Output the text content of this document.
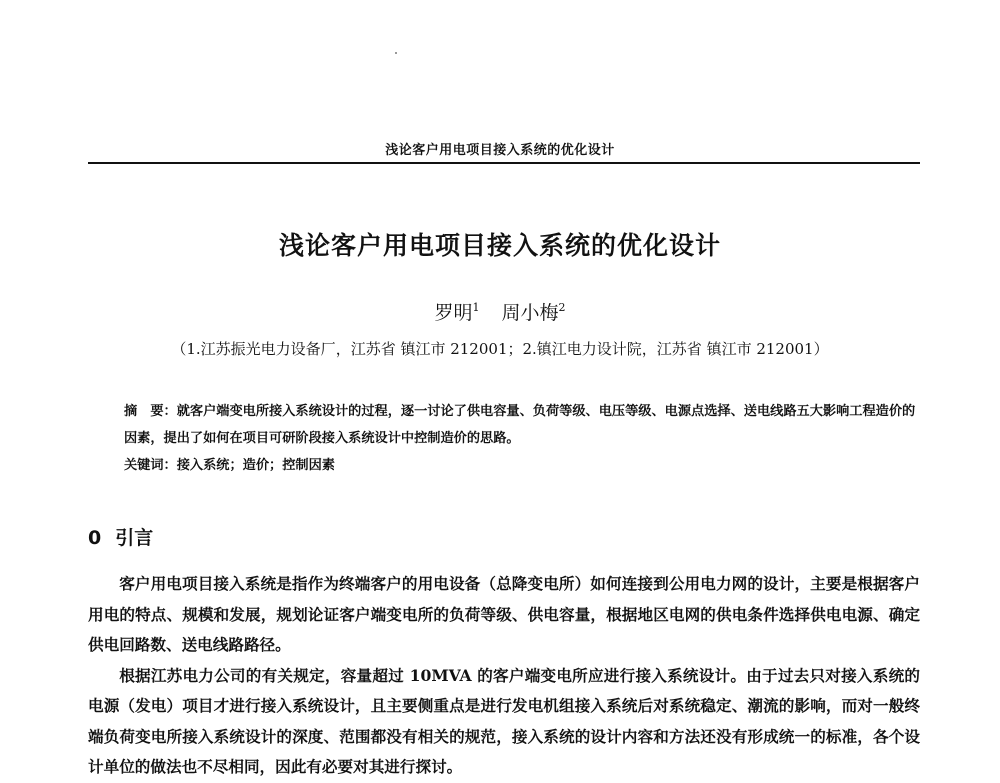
浅论客户用电项目接入系统的优化设计
浅论客户用电项目接入系统的优化设计
罗明$^1$ 周小梅$^2$
（1.江苏振光电力设备厂，江苏省 镇江市 212001；2.镇江电力设计院，江苏省 镇江市 212001）

摘　要：就客户端变电所接入系统设计的过程，逐一讨论了供电容量、负荷等级、电压等级、电源点选择、送电线路五大影响工程造价的因素，提出了如何在项目可研阶段接入系统设计中控制造价的思路。

关键词：接入系统；造价；控制因素

0 引言

客户用电项目接入系统是指作为终端客户的用电设备（总降变电所）如何连接到公用电力网的设计，主要是根据客户用电的特点、规模和发展，规划论证客户端变电所的负荷等级、供电容量，根据地区电网的供电条件选择供电电源、确定供电回路数、送电线路路径。

根据江苏电力公司的有关规定，容量超过 10MVA 的客户端变电所应进行接入系统设计。由于过去只对接入系统的电源（发电）项目才进行接入系统设计，且主要侧重点是进行发电机组接入系统后对系统稳定、潮流的影响，而对一般终端负荷变电所接入系统设计的深度、范围都没有相关的规范，接入系统的设计内容和方法还没有形成统一的标准，各个设计单位的做法也不尽相同，因此有必要对其进行探讨。
